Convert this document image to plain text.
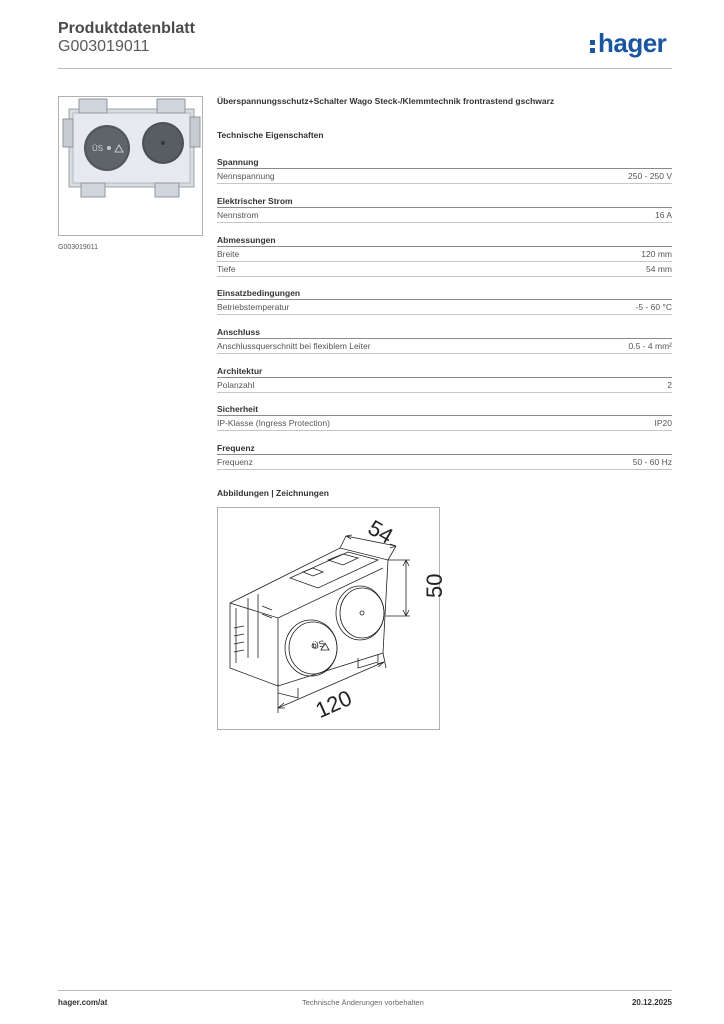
Produktdatenblatt
G003019011	hager
ÜS
G003019011
Überspannungsschutz+Schalter Wago Steck-/Klemmtechnik frontrastend gschwarz
Technische Eigenschaften
Spannung
Nennspannung	250 - 250 V
Elektrischer Strom
Nennstrom	16 A
Abmessungen
Breite	120 mm
Tiefe	54 mm
Einsatzbedingungen
Betriebstemperatur	-5 - 60 °C
Anschluss
Anschlussquerschnitt bei flexiblem Leiter	0.5 - 4 mm²
Architektur
Polanzahl	2
Sicherheit
IP-Klasse (Ingress Protection)	IP20
Frequenz
Frequenz	50 - 60 Hz
Abbildungen | Zeichnungen
ÜS
54
50
120
hager.com/at	Technische Änderungen vorbehalten	20.12.2025
